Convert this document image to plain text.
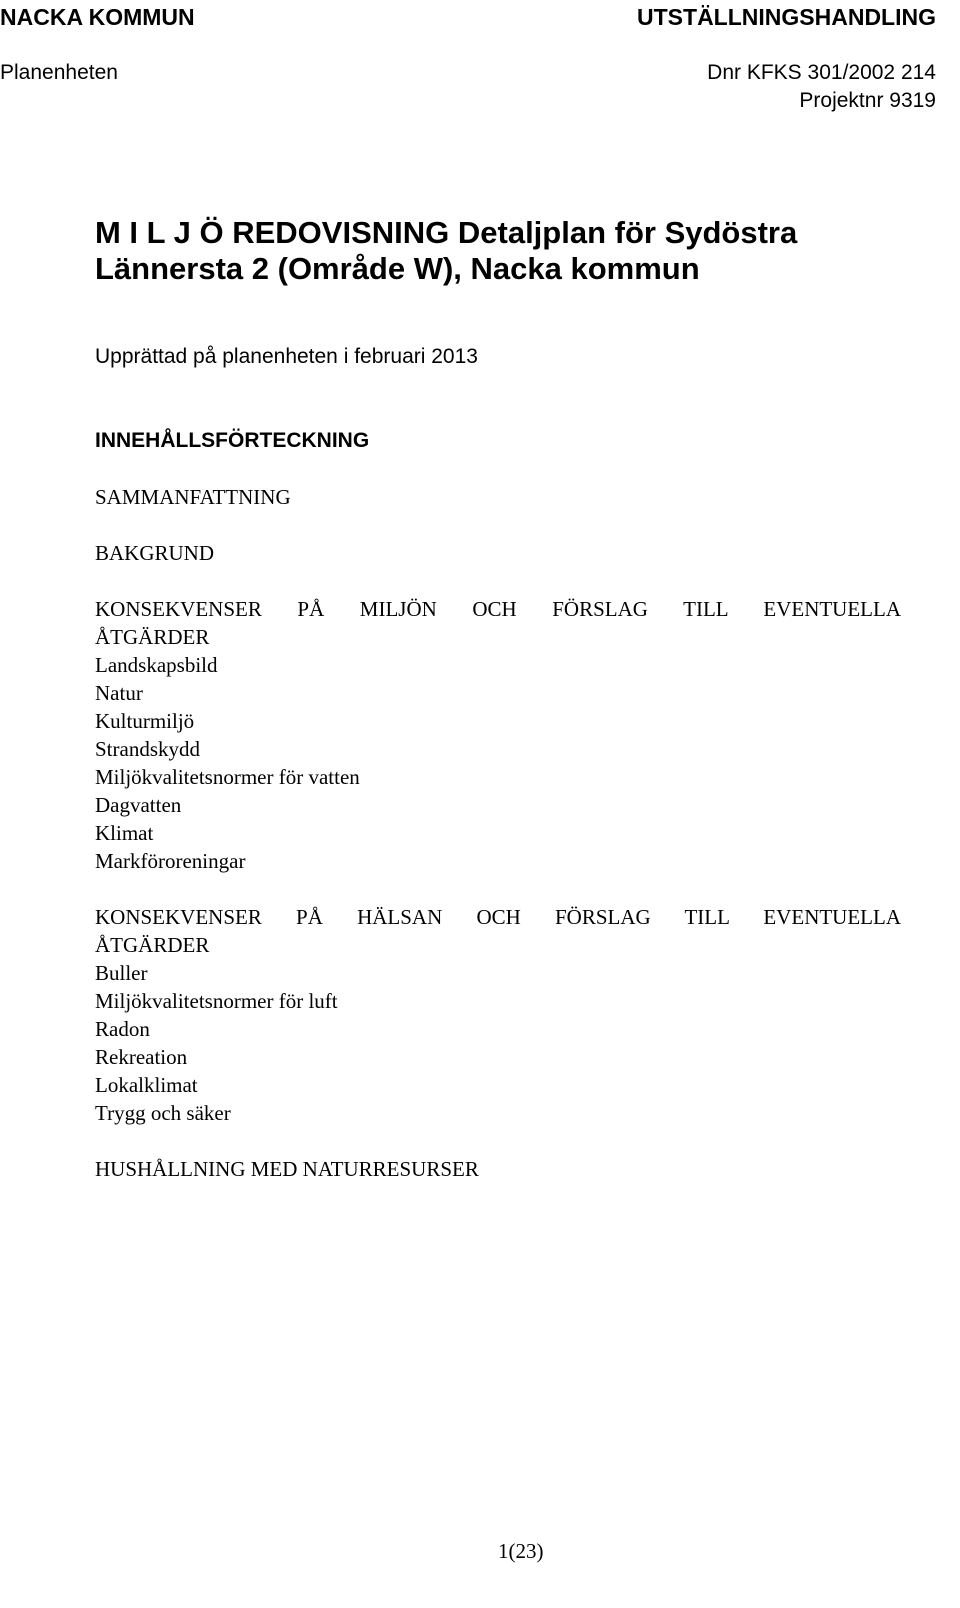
NACKA KOMMUN	UTSTÄLLNINGSHANDLING
Planenheten	Dnr KFKS 301/2002 214
Projektnr 9319
M I L J Ö REDOVISNING Detaljplan för Sydöstra
Lännersta 2 (Område W), Nacka kommun
Upprättad på planenheten i februari 2013
INNEHÅLLSFÖRTECKNING
SAMMANFATTNING
BAKGRUND
KONSEKVENSER PÅ MILJÖN OCH FÖRSLAG TILL EVENTUELLA
ÅTGÄRDER
Landskapsbild
Natur
Kulturmiljö
Strandskydd
Miljökvalitetsnormer för vatten
Dagvatten
Klimat
Markföroreningar
KONSEKVENSER PÅ HÄLSAN OCH FÖRSLAG TILL EVENTUELLA
ÅTGÄRDER
Buller
Miljökvalitetsnormer för luft
Radon
Rekreation
Lokalklimat
Trygg och säker
HUSHÅLLNING MED NATURRESURSER
1(23)
